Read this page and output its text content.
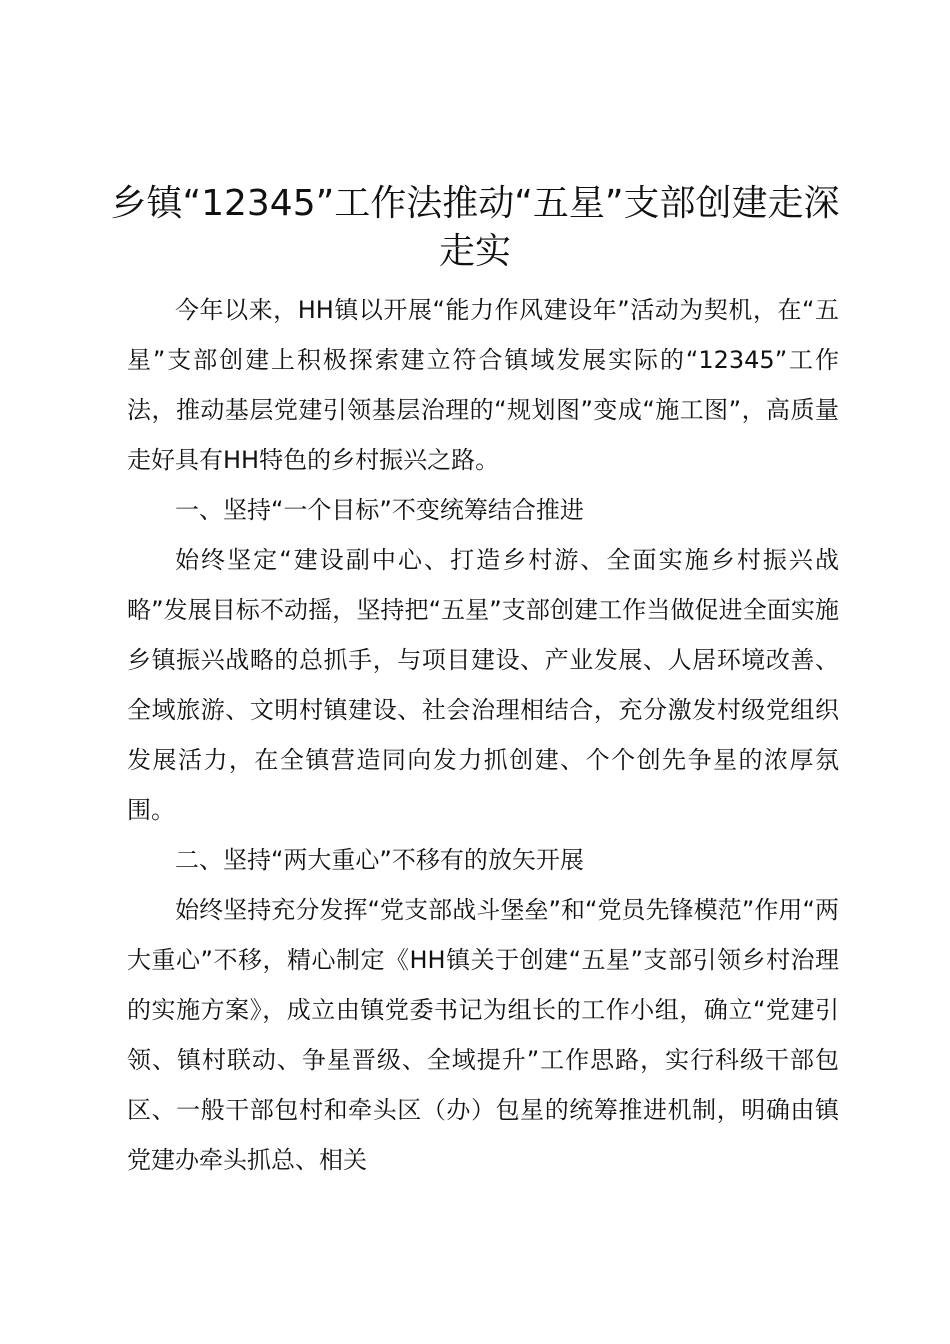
乡镇“12345”工作法推动“五星”支部创建走深走实

今年以来，HH镇以开展“能力作风建设年”活动为契机，在“五星”支部创建上积极探索建立符合镇域发展实际的“12345”工作法，推动基层党建引领基层治理的“规划图”变成“施工图”，高质量走好具有HH特色的乡村振兴之路。

一、坚持“一个目标”不变统筹结合推进

始终坚定“建设副中心、打造乡村游、全面实施乡村振兴战略”发展目标不动摇，坚持把“五星”支部创建工作当做促进全面实施乡镇振兴战略的总抓手，与项目建设、产业发展、人居环境改善、全域旅游、文明村镇建设、社会治理相结合，充分激发村级党组织发展活力，在全镇营造同向发力抓创建、个个创先争星的浓厚氛围。

二、坚持“两大重心”不移有的放矢开展

始终坚持充分发挥“党支部战斗堡垒”和“党员先锋模范”作用“两大重心”不移，精心制定《HH镇关于创建“五星”支部引领乡村治理的实施方案》，成立由镇党委书记为组长的工作小组，确立“党建引领、镇村联动、争星晋级、全域提升”工作思路，实行科级干部包区、一般干部包村和牵头区（办）包星的统筹推进机制，明确由镇党建办牵头抓总、相关
